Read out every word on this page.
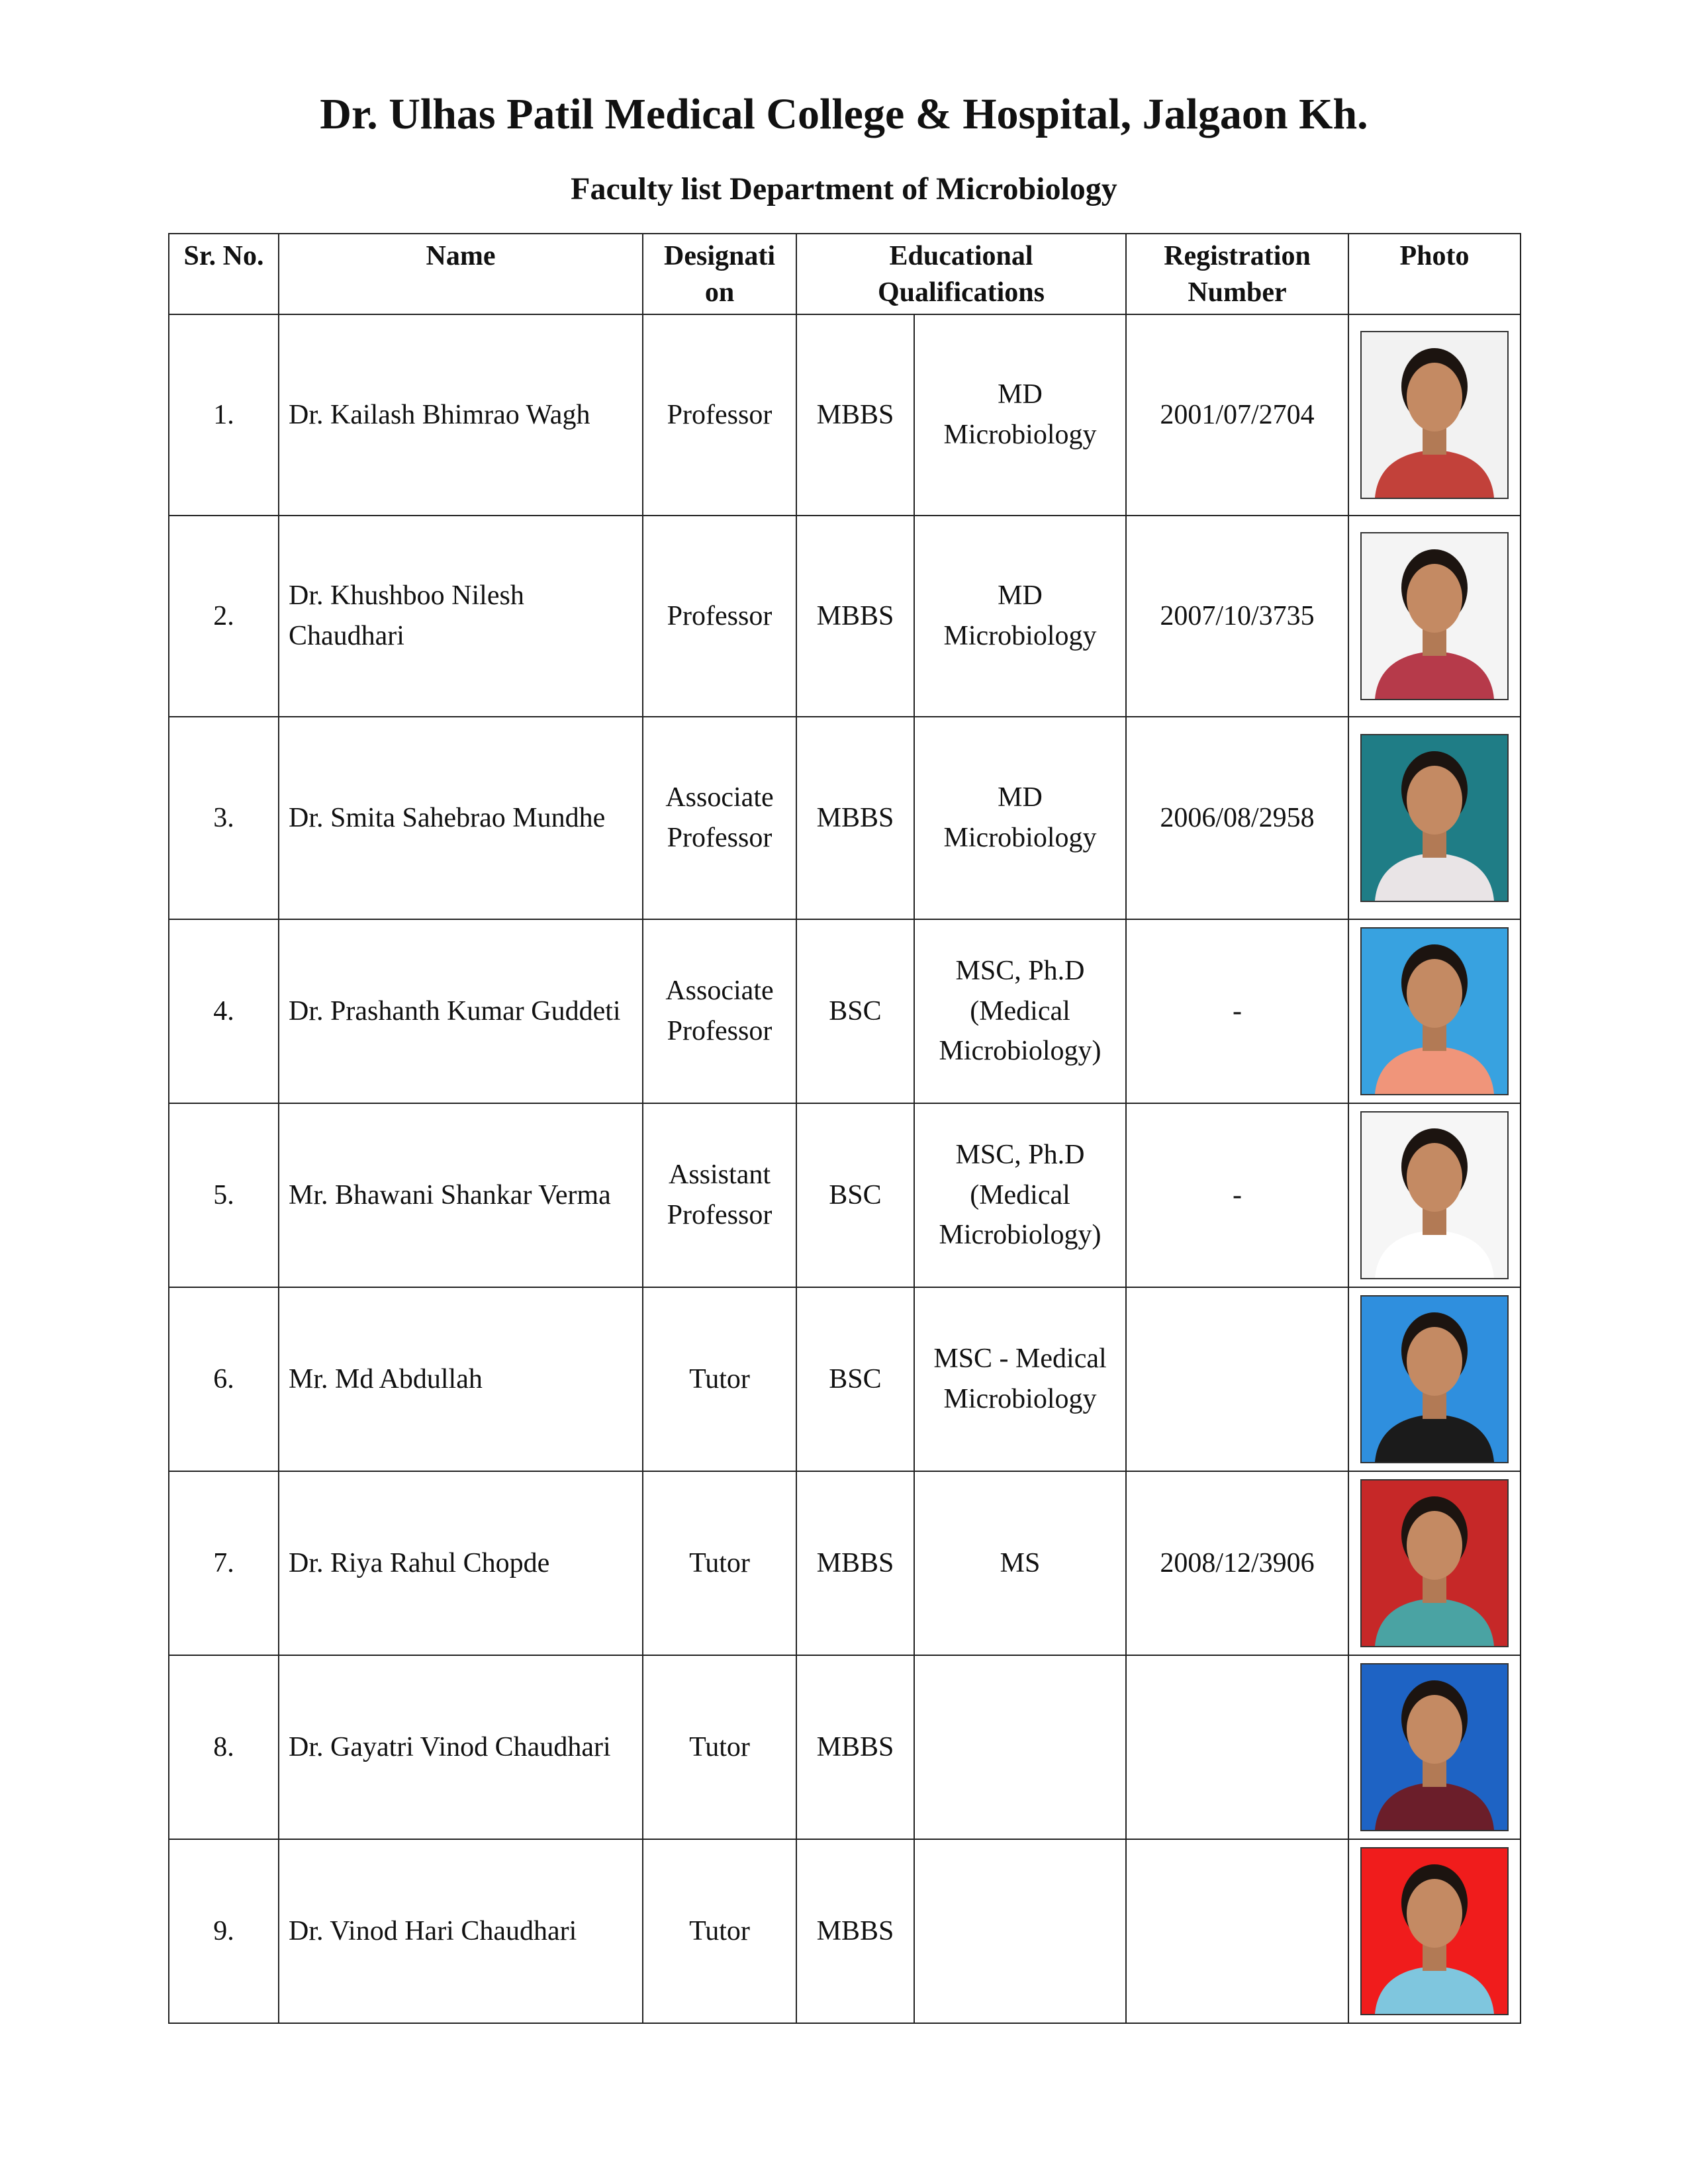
Dr. Ulhas Patil Medical College & Hospital, Jalgaon Kh.
Faculty list Department of Microbiology
Sr. No.	Name	Designati on	Educational Qualifications		Registration Number	Photo
1.	Dr. Kailash Bhimrao Wagh	Professor	MBBS	MD Microbiology	2001/07/2704	

2.	Dr. Khushboo Nilesh Chaudhari	Professor	MBBS	MD Microbiology	2007/10/3735	

3.	Dr. Smita Sahebrao Mundhe	Associate Professor	MBBS	MD Microbiology	2006/08/2958	

4.	Dr. Prashanth Kumar Guddeti	Associate Professor	BSC	MSC, Ph.D (Medical Microbiology)	-	

5.	Mr. Bhawani Shankar Verma	Assistant Professor	BSC	MSC, Ph.D (Medical Microbiology)	-	

6.	Mr. Md Abdullah	Tutor	BSC	MSC - Medical Microbiology		

7.	Dr. Riya Rahul Chopde	Tutor	MBBS	MS	2008/12/3906	

8.	Dr. Gayatri Vinod Chaudhari	Tutor	MBBS			

9.	Dr. Vinod Hari Chaudhari	Tutor	MBBS			
